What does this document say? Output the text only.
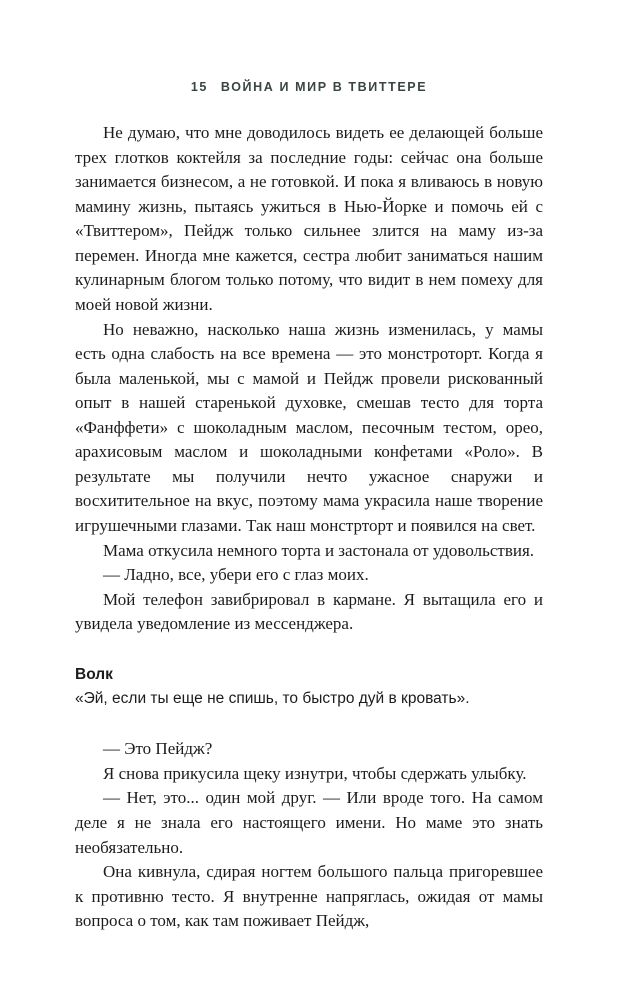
15 ВОЙНА И МИР В ТВИТТЕРЕ

Не думаю, что мне доводилось видеть ее делающей больше трех глотков коктейля за последние годы: сейчас она больше занимается бизнесом, а не готовкой. И пока я вливаюсь в новую мамину жизнь, пытаясь ужиться в Нью-Йорке и помочь ей с «Твиттером», Пейдж только сильнее злится на маму из-за перемен. Иногда мне кажется, сестра любит заниматься нашим кулинарным блогом только потому, что видит в нем помеху для моей новой жизни.

Но неважно, насколько наша жизнь изменилась, у мамы есть одна слабость на все времена — это монстроторт. Когда я была маленькой, мы с мамой и Пейдж провели рискованный опыт в нашей старенькой духовке, смешав тесто для торта «Фанффети» с шоколадным маслом, песочным тестом, орео, арахисовым маслом и шоколадными конфетами «Роло». В результате мы получили нечто ужасное снаружи и восхитительное на вкус, поэтому мама украсила наше творение игрушечными глазами. Так наш монстрторт и появился на свет.

Мама откусила немного торта и застонала от удовольствия.

— Ладно, все, убери его с глаз моих.

Мой телефон завибрировал в кармане. Я вытащила его и увидела уведомление из мессенджера.

Волк

«Эй, если ты еще не спишь, то быстро дуй в кровать».

— Это Пейдж?

Я снова прикусила щеку изнутри, чтобы сдержать улыбку.

— Нет, это... один мой друг. — Или вроде того. На самом деле я не знала его настоящего имени. Но маме это знать необязательно.

Она кивнула, сдирая ногтем большого пальца пригоревшее к противню тесто. Я внутренне напряглась, ожидая от мамы вопроса о том, как там поживает Пейдж,
